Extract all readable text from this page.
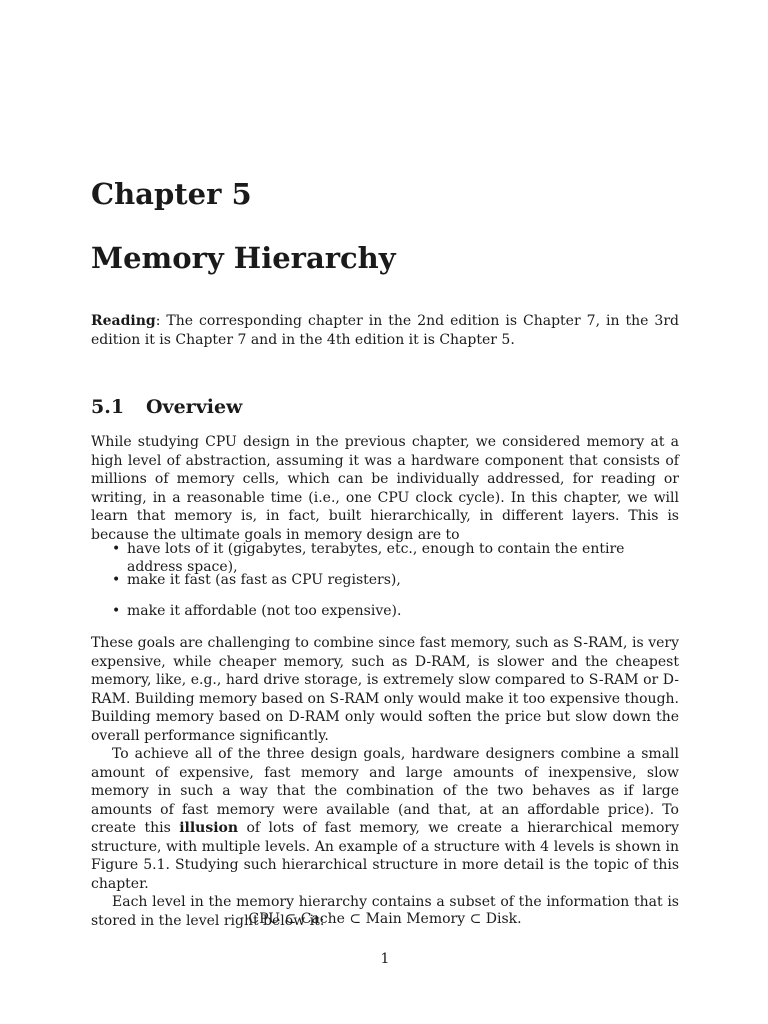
Chapter 5
Memory Hierarchy
Reading: The corresponding chapter in the 2nd edition is Chapter 7, in the 3rd edition it is Chapter 7 and in the 4th edition it is Chapter 5.
5.1 Overview

While studying CPU design in the previous chapter, we considered memory at a high level of abstraction, assuming it was a hardware component that consists of millions of memory cells, which can be individually addressed, for reading or writing, in a reasonable time (i.e., one CPU clock cycle). In this chapter, we will learn that memory is, in fact, built hierarchically, in different layers. This is because the ultimate goals in memory design are to

• have lots of it (gigabytes, terabytes, etc., enough to contain the entire address space),
• make it fast (as fast as CPU registers),
• make it affordable (not too expensive).

These goals are challenging to combine since fast memory, such as S-RAM, is very expensive, while cheaper memory, such as D-RAM, is slower and the cheapest memory, like, e.g., hard drive storage, is extremely slow compared to S-RAM or D-RAM. Building memory based on S-RAM only would make it too expensive though. Building memory based on D-RAM only would soften the price but slow down the overall performance significantly.

To achieve all of the three design goals, hardware designers combine a small amount of expensive, fast memory and large amounts of inexpensive, slow memory in such a way that the combination of the two behaves as if large amounts of fast memory were available (and that, at an affordable price). To create this illusion of lots of fast memory, we create a hierarchical memory structure, with multiple levels. An example of a structure with 4 levels is shown in Figure 5.1. Studying such hierarchical structure in more detail is the topic of this chapter.

Each level in the memory hierarchy contains a subset of the information that is stored in the level right below it:

CPU ⊂ Cache ⊂ Main Memory ⊂ Disk.
1
